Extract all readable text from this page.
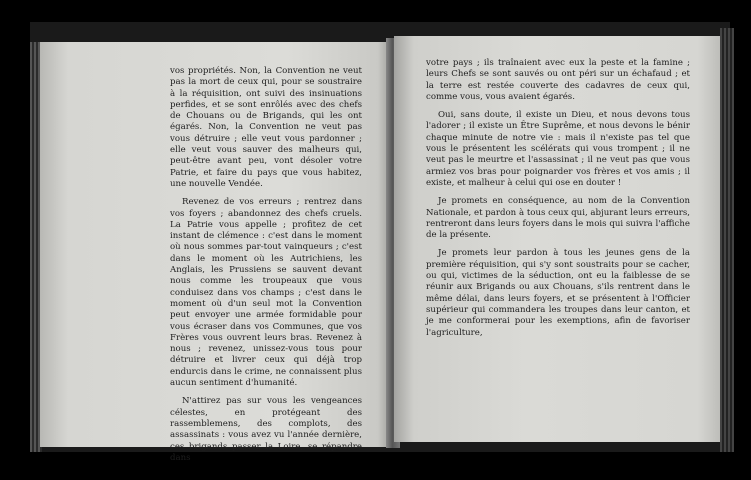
vos propriétés. Non, la Convention ne veut pas la mort de ceux qui, pour se soustraire à la réquisition, ont suivi des insinuations perfides, et se sont enrôlés avec des chefs de Chouans ou de Brigands, qui les ont égarés. Non, la Convention ne veut pas vous détruire ; elle veut vous pardonner ; elle veut vous sauver des malheurs qui, peut-être avant peu, vont désoler votre Patrie, et faire du pays que vous habitez, une nouvelle Vendée.

Revenez de vos erreurs ; rentrez dans vos foyers ; abandonnez des chefs cruels. La Patrie vous appelle ; profitez de cet instant de clémence : c'est dans le moment où nous sommes par-tout vainqueurs ; c'est dans le moment où les Autrichiens, les Anglais, les Prussiens se sauvent devant nous comme les troupeaux que vous conduisez dans vos champs ; c'est dans le moment où d'un seul mot la Convention peut envoyer une armée formidable pour vous écraser dans vos Communes, que vos Frères vous ouvrent leurs bras. Revenez à nous ; revenez, unissez-vous tous pour détruire et livrer ceux qui déjà trop endurcis dans le crime, ne connaissent plus aucun sentiment d'humanité.

N'attirez pas sur vous les vengeances célestes, en protégeant des rassemblemens, des complots, des assassinats : vous avez vu l'année dernière, ces brigands passer la Loire, se répandre dans

votre pays ; ils traînaient avec eux la peste et la famine ; leurs Chefs se sont sauvés ou ont péri sur un échafaud ; et la terre est restée couverte des cadavres de ceux qui, comme vous, vous avaient égarés.

Oui, sans doute, il existe un Dieu, et nous devons tous l'adorer ; il existe un Être Suprême, et nous devons le bénir chaque minute de notre vie : mais il n'existe pas tel que vous le présentent les scélérats qui vous trompent ; il ne veut pas le meurtre et l'assassinat ; il ne veut pas que vous armiez vos bras pour poignarder vos frères et vos amis ; il existe, et malheur à celui qui ose en douter !

Je promets en conséquence, au nom de la Convention Nationale, et pardon à tous ceux qui, abjurant leurs erreurs, rentreront dans leurs foyers dans le mois qui suivra l'affiche de la présente.

Je promets leur pardon à tous les jeunes gens de la première réquisition, qui s'y sont soustraits pour se cacher, ou qui, victimes de la séduction, ont eu la faiblesse de se réunir aux Brigands ou aux Chouans, s'ils rentrent dans le même délai, dans leurs foyers, et se présentent à l'Officier supérieur qui commandera les troupes dans leur canton, et je me conformerai pour les exemptions, afin de favoriser l'agriculture,
